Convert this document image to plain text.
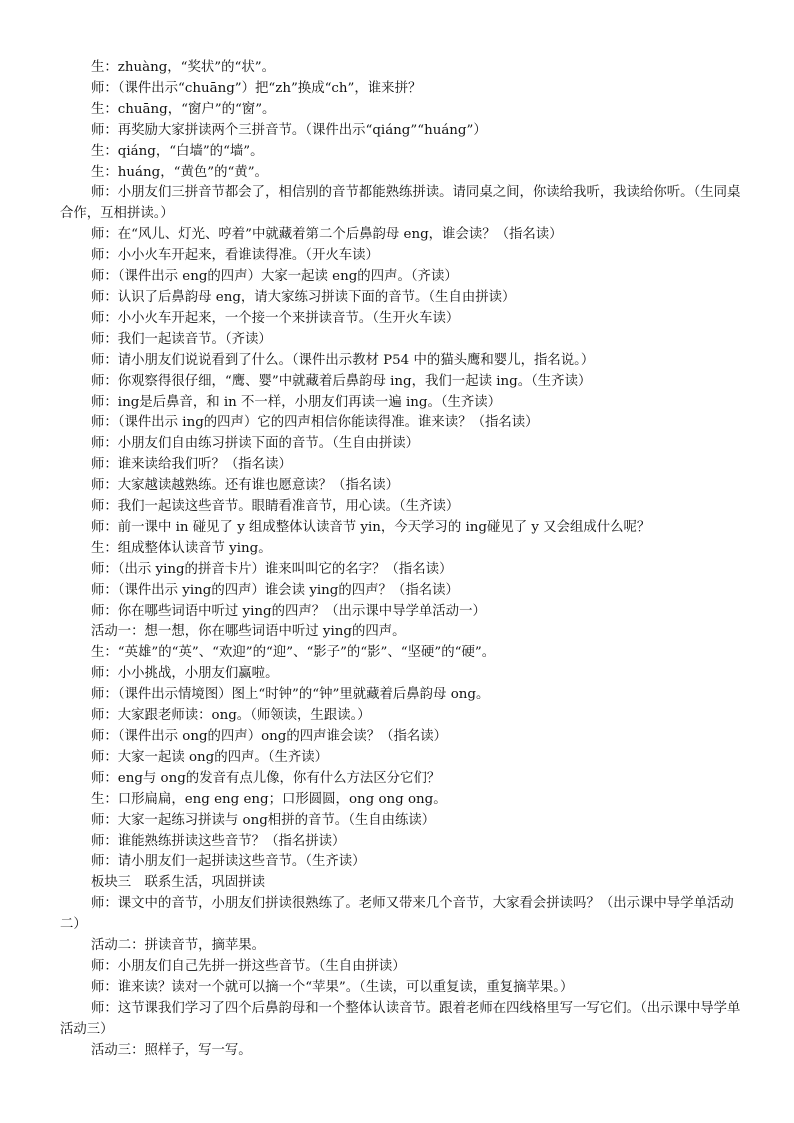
生：zhuàng，“奖状”的“状”。

师：（课件出示“chuāng”）把“zh”换成“ch”，谁来拼？

生：chuāng，“窗户”的“窗”。

师：再奖励大家拼读两个三拼音节。（课件出示“qiáng”“huáng”）

生：qiáng，“白墙”的“墙”。

生：huáng，“黄色”的“黄”。

师：小朋友们三拼音节都会了，相信别的音节都能熟练拼读。请同桌之间，你读给我听，我读给你听。（生同桌合作，互相拼读。）

师：在“风儿、灯光、哼着”中就藏着第二个后鼻韵母 eng，谁会读？（指名读）

师：小小火车开起来，看谁读得准。（开火车读）

师：（课件出示 eng的四声）大家一起读 eng的四声。（齐读）

师：认识了后鼻韵母 eng，请大家练习拼读下面的音节。（生自由拼读）

师：小小火车开起来，一个接一个来拼读音节。（生开火车读）

师：我们一起读音节。（齐读）

师：请小朋友们说说看到了什么。（课件出示教材 P54 中的猫头鹰和婴儿，指名说。）

师：你观察得很仔细，“鹰、婴”中就藏着后鼻韵母 ing，我们一起读 ing。（生齐读）

师：ing是后鼻音，和 in 不一样，小朋友们再读一遍 ing。（生齐读）

师：（课件出示 ing的四声）它的四声相信你能读得准。谁来读？（指名读）

师：小朋友们自由练习拼读下面的音节。（生自由拼读）

师：谁来读给我们听？（指名读）

师：大家越读越熟练。还有谁也愿意读？（指名读）

师：我们一起读这些音节。眼睛看准音节，用心读。（生齐读）

师：前一课中 in 碰见了 y 组成整体认读音节 yin，今天学习的 ing碰见了 y 又会组成什么呢？

生：组成整体认读音节 ying。

师：（出示 ying的拼音卡片）谁来叫叫它的名字？（指名读）

师：（课件出示 ying的四声）谁会读 ying的四声？（指名读）

师：你在哪些词语中听过 ying的四声？（出示课中导学单活动一）

活动一：想一想，你在哪些词语中听过 ying的四声。

生：“英雄”的“英”、“欢迎”的“迎”、“影子”的“影”、“坚硬”的“硬”。

师：小小挑战，小朋友们赢啦。

师：（课件出示情境图）图上“时钟”的“钟”里就藏着后鼻韵母 ong。

师：大家跟老师读：ong。（师领读，生跟读。）

师：（课件出示 ong的四声）ong的四声谁会读？（指名读）

师：大家一起读 ong的四声。（生齐读）

师：eng与 ong的发音有点儿像，你有什么方法区分它们？

生：口形扁扁，eng eng eng；口形圆圆，ong ong ong。

师：大家一起练习拼读与 ong相拼的音节。（生自由练读）

师：谁能熟练拼读这些音节？（指名拼读）

师：请小朋友们一起拼读这些音节。（生齐读）

板块三　联系生活，巩固拼读

师：课文中的音节，小朋友们拼读很熟练了。老师又带来几个音节，大家看会拼读吗？（出示课中导学单活动二）

活动二：拼读音节，摘苹果。

师：小朋友们自己先拼一拼这些音节。（生自由拼读）

师：谁来读？读对一个就可以摘一个“苹果”。（生读，可以重复读，重复摘苹果。）

师：这节课我们学习了四个后鼻韵母和一个整体认读音节。跟着老师在四线格里写一写它们。（出示课中导学单活动三）

活动三：照样子，写一写。
